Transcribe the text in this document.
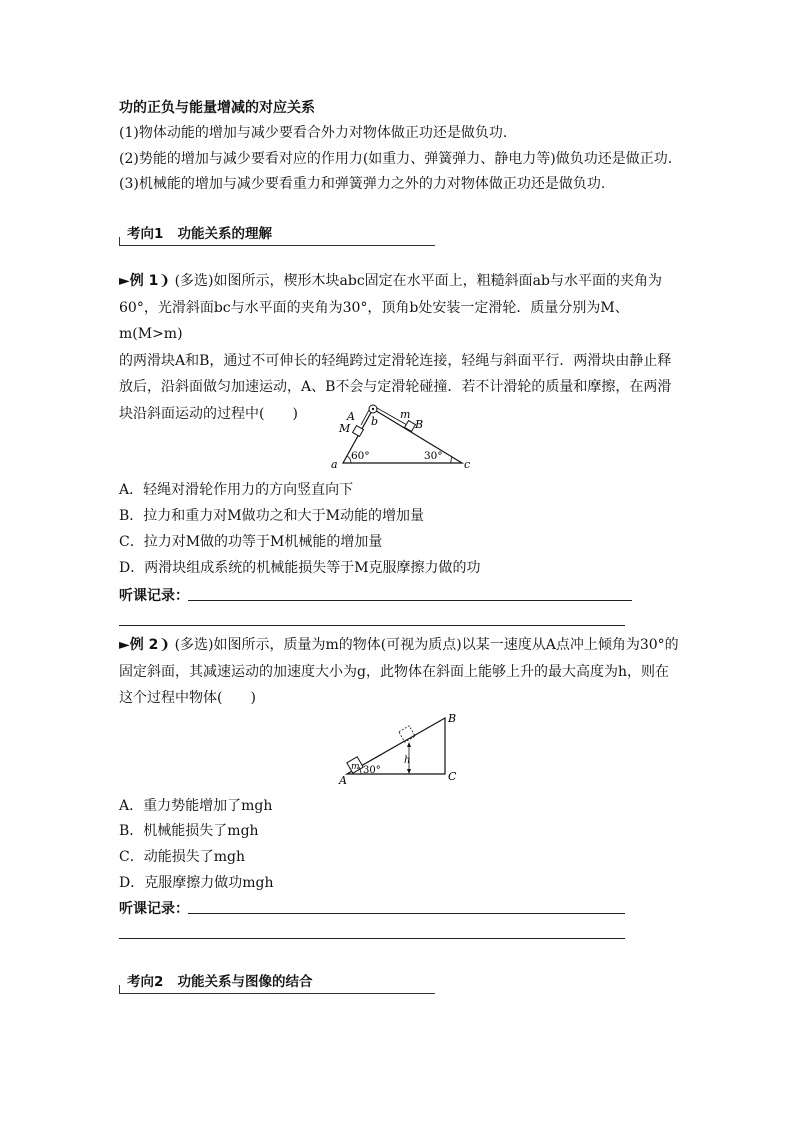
功的正负与能量增减的对应关系
(1)物体动能的增加与减少要看合外力对物体做正功还是做负功.
(2)势能的增加与减少要看对应的作用力(如重力、弹簧弹力、静电力等)做负功还是做正功.
(3)机械能的增加与减少要看重力和弹簧弹力之外的力对物体做正功还是做负功.
考向1 功能关系的理解
►例 1❩ (多选)如图所示，楔形木块abc固定在水平面上，粗糙斜面ab与水平面的夹角为
60°，光滑斜面bc与水平面的夹角为30°，顶角b处安装一定滑轮．质量分别为M、m(M>m)
的两滑块A和B，通过不可伸长的轻绳跨过定滑轮连接，轻绳与斜面平行．两滑块由静止释
放后，沿斜面做匀加速运动，A、B不会与定滑轮碰撞．若不计滑轮的质量和摩擦，在两滑
块沿斜面运动的过程中(　　)	A
M
b
m
B
a	c
60°	30°
A．轻绳对滑轮作用力的方向竖直向下
B．拉力和重力对M做功之和大于M动能的增加量
C．拉力对M做的功等于M机械能的增加量
D．两滑块组成系统的机械能损失等于M克服摩擦力做的功
听课记录：
►例 2❩ (多选)如图所示，质量为m的物体(可视为质点)以某一速度从A点冲上倾角为30°的
固定斜面，其减速运动的加速度大小为g，此物体在斜面上能够上升的最大高度为h，则在
这个过程中物体(　　)
m
h
30°
A
B
C
A．重力势能增加了mgh
B．机械能损失了mgh
C．动能损失了mgh
D．克服摩擦力做功mgh
听课记录：
考向2 功能关系与图像的结合
